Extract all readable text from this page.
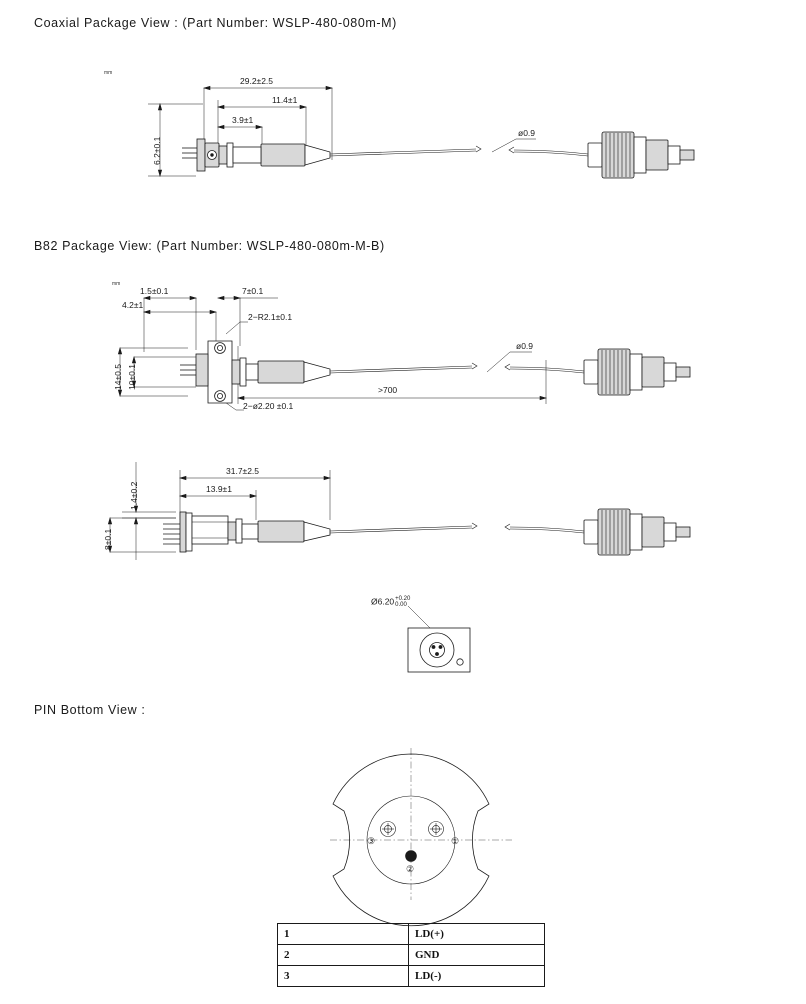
Coaxial Package View : (Part Number: WSLP-480-080m-M)
B82 Package View: (Part Number: WSLP-480-080m-M-B)
PIN Bottom View :
mm
29.2±2.5
11.4±1
3.9±1
6.2±0.1
ø0.9
mm
1.5±0.1
4.2±1
7±0.1
2−R2.1±0.1
2−ø2.20 ±0.1
14±0.5 10±0.1	>700
ø0.9
31.7±2.5
13.9±1
1.4±0.2
8±0.1
Ø6.20 +0.20
0.00
③	①
②
1	LD(+)
2	GND
3	LD(-)
